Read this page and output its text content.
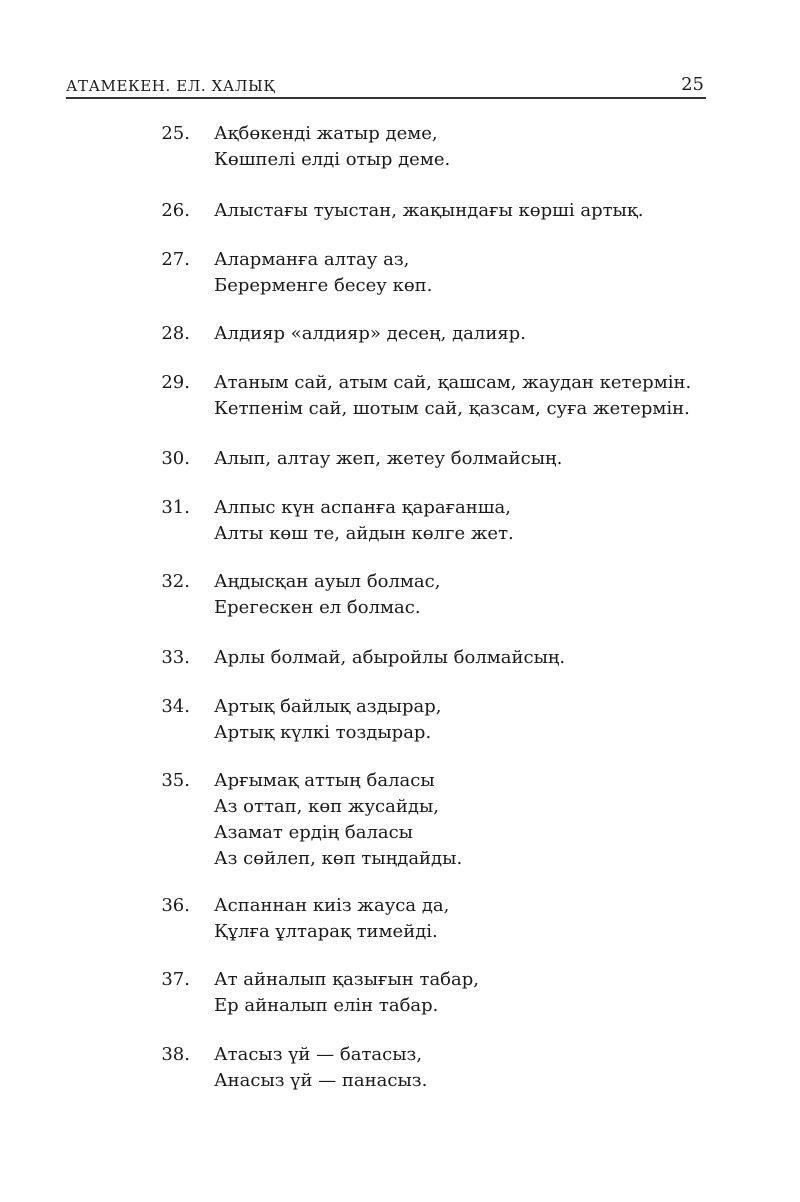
АТАМЕКЕН. ЕЛ. ХАЛЫҚ	25
25. Ақбөкенді жатыр деме,
Көшпелі елді отыр деме.
26. Алыстағы туыстан, жақындағы көрші артық.
27. Аларманға алтау аз,
Берерменге бесеу көп.
28. Алдияр «алдияр» десең, далияр.
29. Атаным сай, атым сай, қашсам, жаудан кетермін.
Кетпенім сай, шотым сай, қазсам, суға жетермін.
30. Алып, алтау жеп, жетеу болмайсың.
31. Алпыс күн аспанға қарағанша,
Алты көш те, айдын көлге жет.
32. Аңдысқан ауыл болмас,
Ерегескен ел болмас.
33. Арлы болмай, абыройлы болмайсың.
34. Артық байлық аздырар,
Артық күлкі тоздырар.
35. Арғымақ аттың баласы
Аз оттап, көп жусайды,
Азамат ердің баласы
Аз сөйлеп, көп тыңдайды.
36. Аспаннан киіз жауса да,
Құлға ұлтарақ тимейді.
37. Ат айналып қазығын табар,
Ер айналып елін табар.
38. Атасыз үй — батасыз,
Анасыз үй — панасыз.
